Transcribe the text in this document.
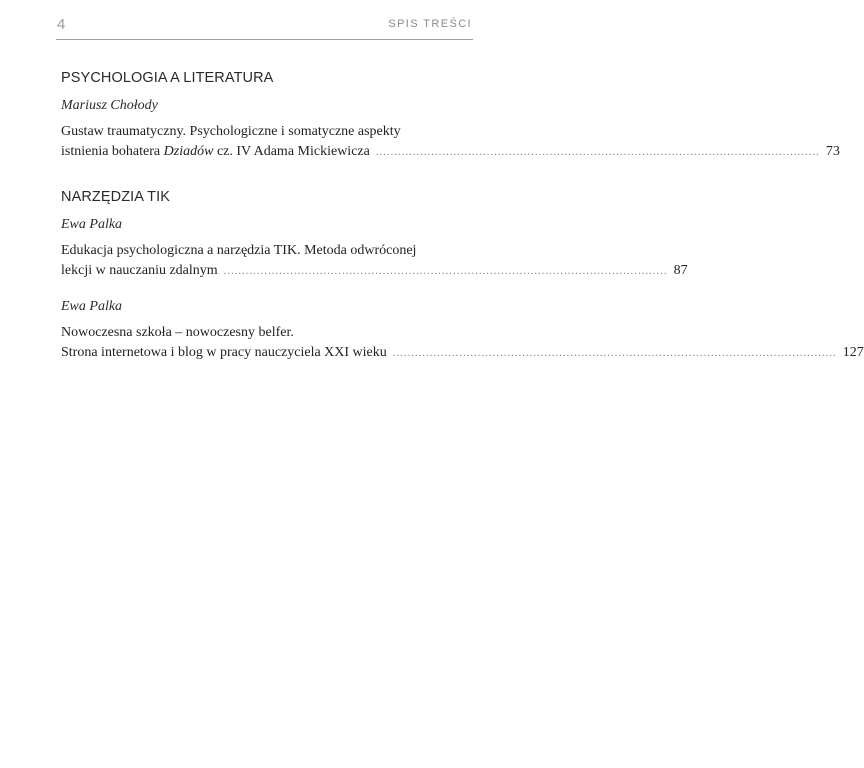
4	SPIS TREŚCI
PSYCHOLOGIA A LITERATURA
Mariusz Chołody
Gustaw traumatyczny. Psychologiczne i somatyczne aspekty
istnienia bohatera Dziadów cz. IV Adama Mickiewicza ........................................................................................................................ 73
NARZĘDZIA TIK
Ewa Palka
Edukacja psychologiczna a narzędzia TIK. Metoda odwróconej
lekcji w nauczaniu zdalnym ........................................................................................................................ 87
Ewa Palka
Nowoczesna szkoła – nowoczesny belfer.
Strona internetowa i blog w pracy nauczyciela XXI wieku ........................................................................................................................ 127
